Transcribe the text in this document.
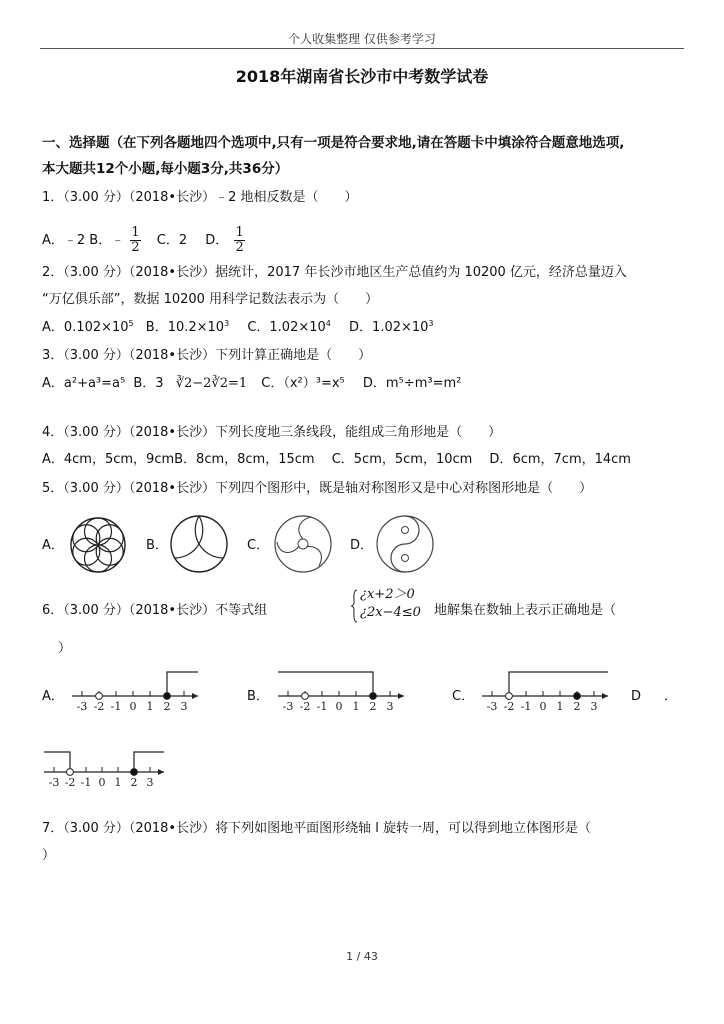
个人收集整理 仅供参考学习
2018年湖南省长沙市中考数学试卷
一、选择题（在下列各题地四个选项中,只有一项是符合要求地,请在答题卡中填涂符合题意地选项,
本大题共12个小题,每小题3分,共36分）
1．（3.00 分）（2018•长沙）﹣2 地相反数是（　　）
A．﹣2 B．﹣ $\frac{1}{2}$ C．2 D． $\frac{1}{2}$
2．（3.00 分）（2018•长沙）据统计，2017 年长沙市地区生产总值约为 10200 亿元，经济总量迈入
“万亿俱乐部”，数据 10200 用科学记数法表示为（　　）
A．$0.102\times 10^5$ B．$10.2\times 10^3$ C．$1.02\times 10^4$ D．$1.02\times 10^3$
3．（3.00 分）（2018•长沙）下列计算正确地是（　　）
A．a²+a³=a⁵ B．3 ∛2−2∛2=1 C．（x²）³=x⁵ D．m⁵÷m³=m²
4．（3.00 分）（2018•长沙）下列长度地三条线段，能组成三角形地是（　　）
A．4cm，5cm，9cmB．8cm，8cm，15cm　 C．5cm，5cm，10cm　 D．6cm，7cm，14cm
5．（3.00 分）（2018•长沙）下列四个图形中，既是轴对称图形又是中心对称图形地是（　　）
A．	B．	C．	D．
6．（3.00 分）（2018•长沙）不等式组
¿x+2＞0
¿2x−4≤0 地解集在数轴上表示正确地是（
）
A．	B．	C．	D ．
-3 -2 -1 0 1 2 3	-3 -2 -1 0 1 2 3	-3 -2 -1 0 1 2 3
-3 -2 -1 0 1 2 3
7．（3.00 分）（2018•长沙）将下列如图地平面图形绕轴 l 旋转一周，可以得到地立体图形是（
）
1 / 43
